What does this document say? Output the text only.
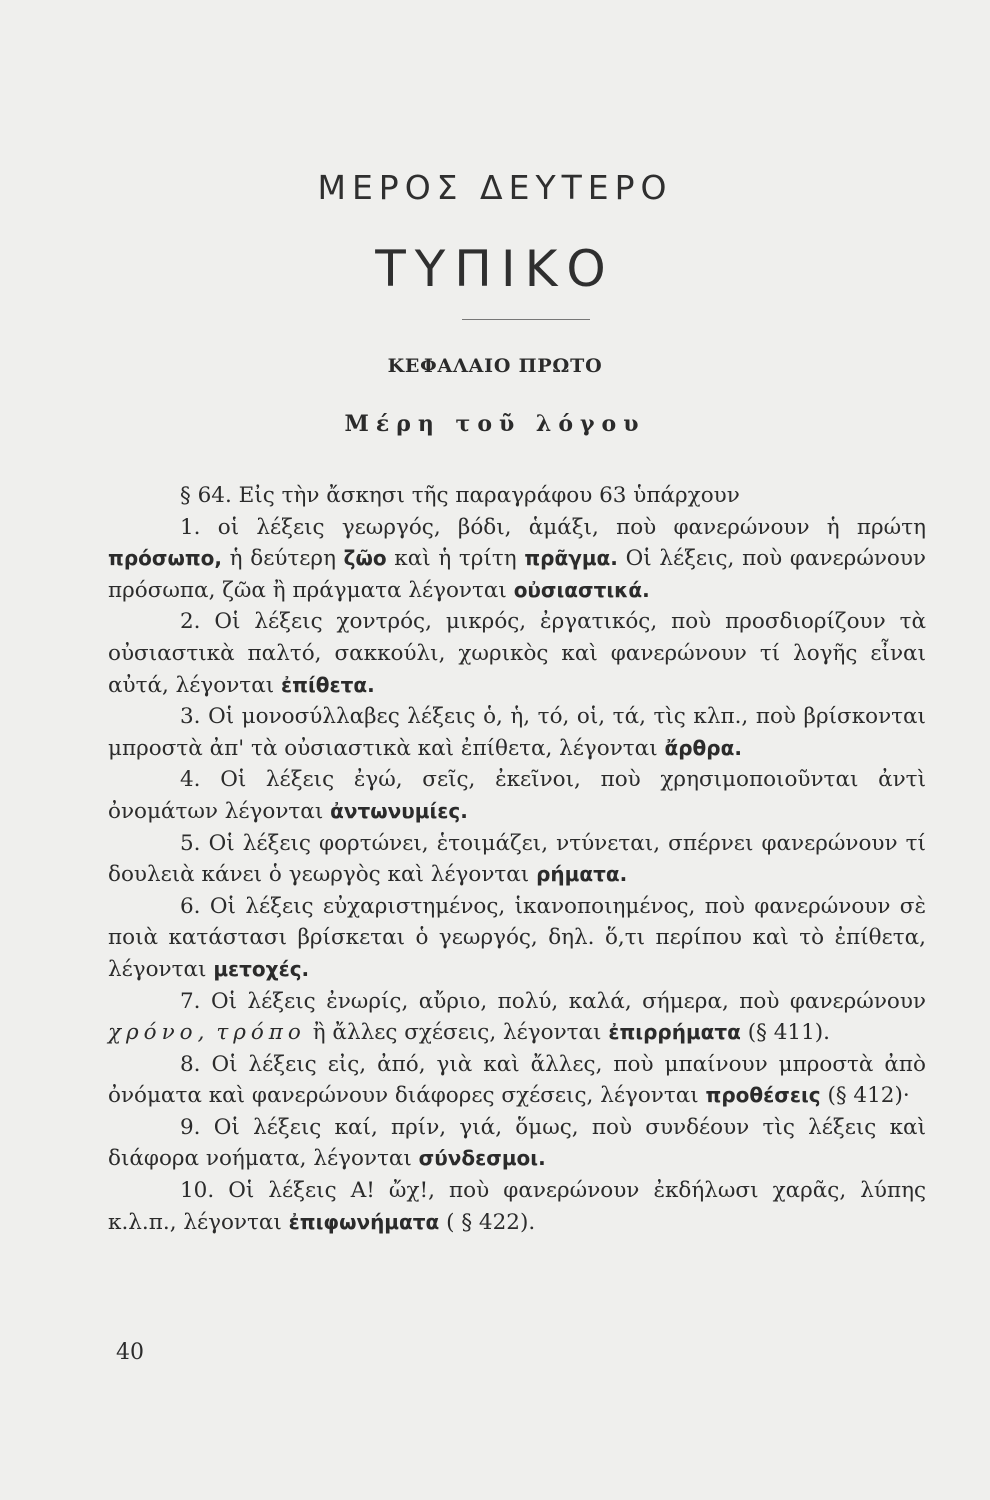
ΜΕΡΟΣ ΔΕΥΤΕΡΟ
ΤΥΠΙΚΟ
ΚΕΦΑΛΑΙΟ ΠΡΩΤΟ
Μέρη τοῦ λόγου

§ 64. Εἰς τὴν ἄσκησι τῆς παραγράφου 63 ὑπάρχουν

1. οἱ λέξεις γεωργός, βόδι, ἁμάξι, ποὺ φανερώνουν ἡ πρώτη πρόσωπο, ἡ δεύτερη ζῶο καὶ ἡ τρίτη πρᾶγμα. Οἱ λέξεις, ποὺ φανερώνουν πρόσωπα, ζῶα ἢ πράγματα λέγονται οὐσιαστικά.

2. Οἱ λέξεις χοντρός, μικρός, ἐργατικός, ποὺ προσδιορίζουν τὰ οὐσιαστικὰ παλτό, σακκούλι, χωρικὸς καὶ φανερώνουν τί λογῆς εἶναι αὐτά, λέγονται ἐπίθετα.

3. Οἱ μονοσύλλαβες λέξεις ὁ, ἡ, τό, οἱ, τά, τὶς κλπ., ποὺ βρίσκονται μπροστὰ ἀπ' τὰ οὐσιαστικὰ καὶ ἐπίθετα, λέγονται ἄρθρα.

4. Οἱ λέξεις ἐγώ, σεῖς, ἐκεῖνοι, ποὺ χρησιμοποιοῦνται ἀντὶ ὀνομάτων λέγονται ἀντωνυμίες.

5. Οἱ λέξεις φορτώνει, ἑτοιμάζει, ντύνεται, σπέρνει φανερώνουν τί δουλειὰ κάνει ὁ γεωργὸς καὶ λέγονται ρήματα.

6. Οἱ λέξεις εὐχαριστημένος, ἱκανοποιημένος, ποὺ φανερώνουν σὲ ποιὰ κατάστασι βρίσκεται ὁ γεωργός, δηλ. ὅ,τι περίπου καὶ τὸ ἐπίθετα, λέγονται μετοχές.

7. Οἱ λέξεις ἐνωρίς, αὔριο, πολύ, καλά, σήμερα, ποὺ φανερώνουν χρόνο, τρόπο ἢ ἄλλες σχέσεις, λέγονται ἐπιρρήματα (§ 411).

8. Οἱ λέξεις εἰς, ἀπό, γιὰ καὶ ἄλλες, ποὺ μπαίνουν μπροστὰ ἀπὸ ὀνόματα καὶ φανερώνουν διάφορες σχέσεις, λέγονται προθέσεις (§ 412)·

9. Οἱ λέξεις καί, πρίν, γιά, ὅμως, ποὺ συνδέουν τὶς λέξεις καὶ διάφορα νοήματα, λέγονται σύνδεσμοι.

10. Οἱ λέξεις Α! ὤχ!, ποὺ φανερώνουν ἐκδήλωσι χαρᾶς, λύπης κ.λ.π., λέγονται ἐπιφωνήματα ( § 422).

40
